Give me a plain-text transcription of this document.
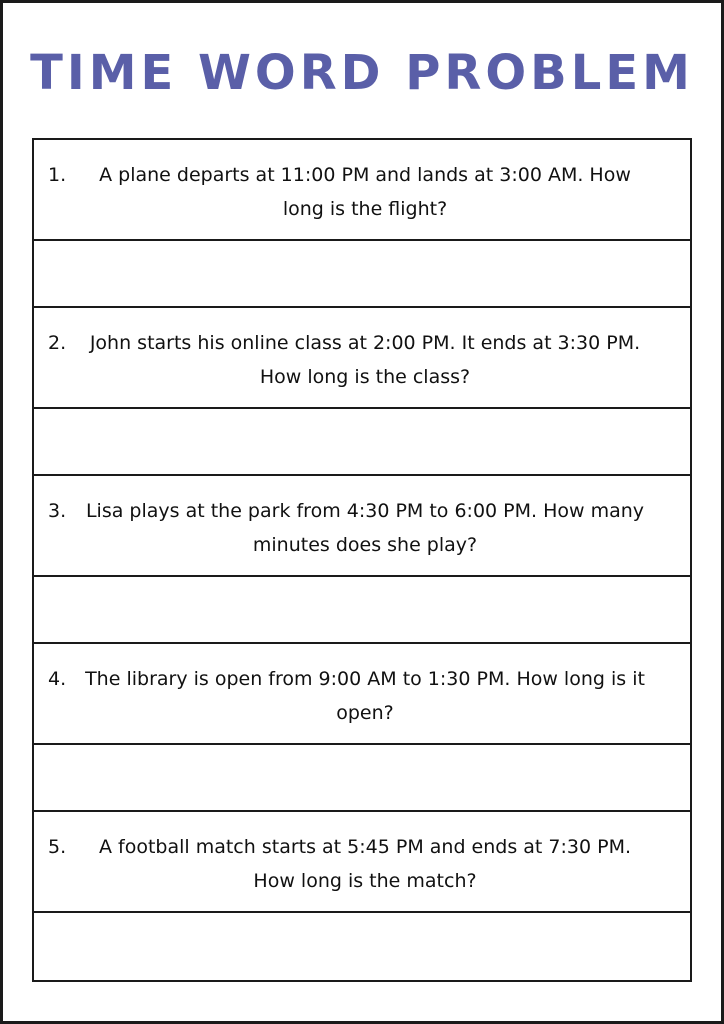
TIME WORD PROBLEM
1.	A plane departs at 11:00 PM and lands at 3:00 AM. How long is the flight?
2.	John starts his online class at 2:00 PM. It ends at 3:30 PM. How long is the class?
3.	Lisa plays at the park from 4:30 PM to 6:00 PM. How many minutes does she play?
4. The library is open from 9:00 AM to 1:30 PM. How long is it open?
5.	A football match starts at 5:45 PM and ends at 7:30 PM. How long is the match?
